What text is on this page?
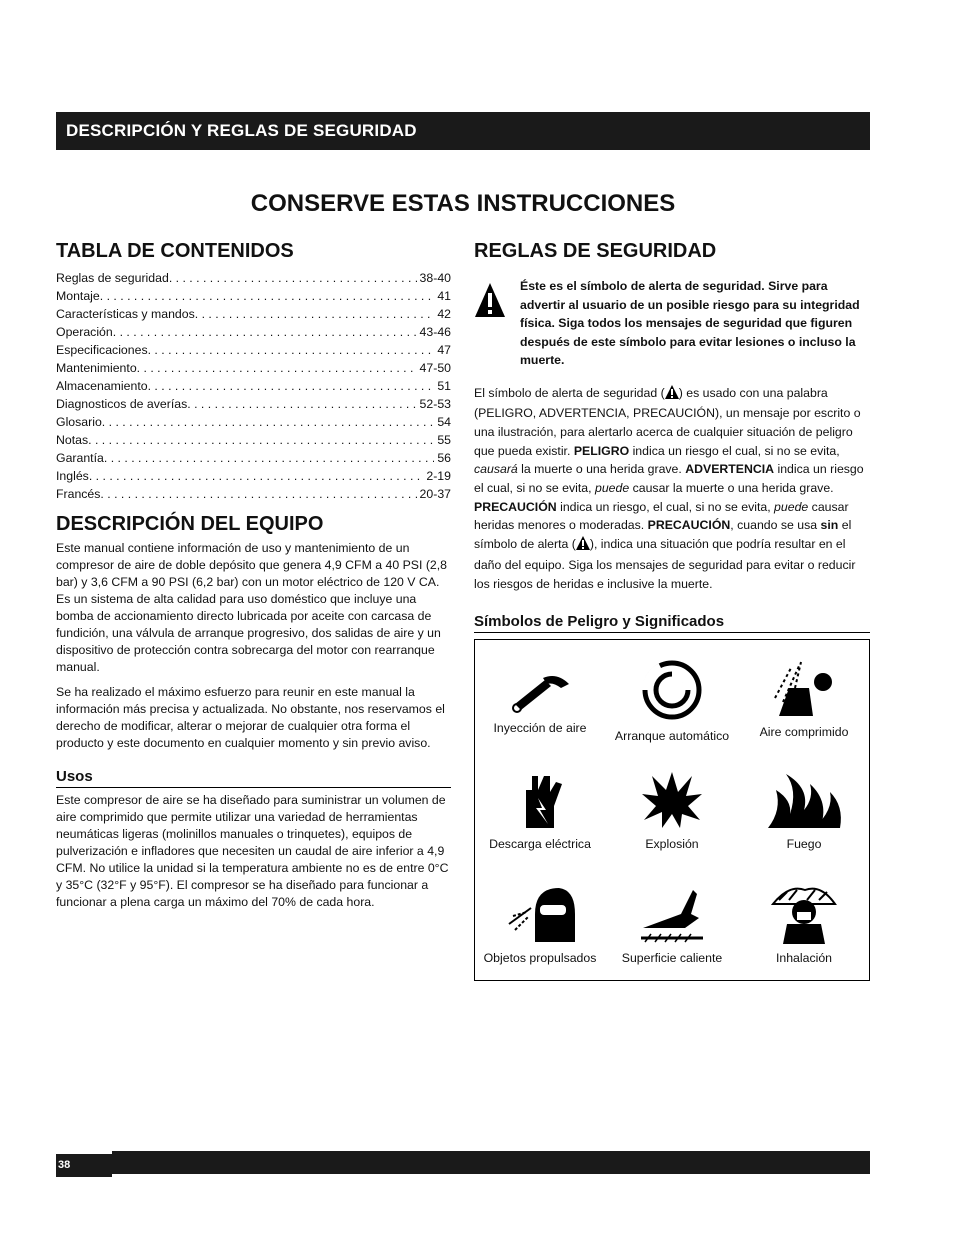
DESCRIPCIÓN Y REGLAS DE SEGURIDAD
CONSERVE ESTAS INSTRUCCIONES
TABLA DE CONTENIDOS
Reglas de seguridad . . .	38-40
Montaje . . .	41
Características y mandos . . .	42
Operación . . .	43-46
Especificaciones . . .	47
Mantenimiento . . .	47-50
Almacenamiento . . .	51
Diagnosticos de averías . . .	52-53
Glosario . . .	54
Notas . . .	55
Garantía . . .	56
Inglés . . .	2-19
Francés . . .	20-37
DESCRIPCIÓN DEL EQUIPO

Este manual contiene información de uso y mantenimiento de un compresor de aire de doble depósito que genera 4,9 CFM a 40 PSI (2,8 bar) y 3,6 CFM a 90 PSI (6,2 bar) con un motor eléctrico de 120 V CA. Es un sistema de alta calidad para uso doméstico que incluye una bomba de accionamiento directo lubricada por aceite con carcasa de fundición, una válvula de arranque progresivo, dos salidas de aire y un dispositivo de protección contra sobrecarga del motor con rearranque manual.

Se ha realizado el máximo esfuerzo para reunir en este manual la información más precisa y actualizada. No obstante, nos reservamos el derecho de modificar, alterar o mejorar de cualquier otra forma el producto y este documento en cualquier momento y sin previo aviso.

Usos

Este compresor de aire se ha diseñado para suministrar un volumen de aire comprimido que permite utilizar una variedad de herramientas neumáticas ligeras (molinillos manuales o trinquetes), equipos de pulverización e infladores que necesiten un caudal de aire inferior a 4,9 CFM. No utilice la unidad si la temperatura ambiente no es de entre 0°C y 35°C (32°F y 95°F). El compresor se ha diseñado para funcionar a funcionar a plena carga un máximo del 70% de cada hora.

REGLAS DE SEGURIDAD
Éste es el símbolo de alerta de seguridad. Sirve para advertir al usuario de un posible riesgo para su integridad física. Siga todos los mensajes de seguridad que figuren después de este símbolo para evitar lesiones o incluso la muerte.

El símbolo de alerta de seguridad ( ) es usado con una palabra (PELIGRO, ADVERTENCIA, PRECAUCIÓN), un mensaje por escrito o una ilustración, para alertarlo acerca de cualquier situación de peligro que pueda existir. PELIGRO indica un riesgo el cual, si no se evita, causará la muerte o una herida grave. ADVERTENCIA indica un riesgo el cual, si no se evita, puede causar la muerte o una herida grave. PRECAUCIÓN indica un riesgo, el cual, si no se evita, puede causar heridas menores o moderadas. PRECAUCIÓN, cuando se usa sin el símbolo de alerta ( ), indica una situación que podría resultar en el daño del equipo. Siga los mensajes de seguridad para evitar o reducir los riesgos de heridas e inclusive la muerte.

Símbolos de Peligro y Significados
Inyección de aire
Arranque automático	Aire comprimido
Descarga eléctrica	Explosión	Fuego
Objetos propulsados	Superficie caliente	Inhalación
38
